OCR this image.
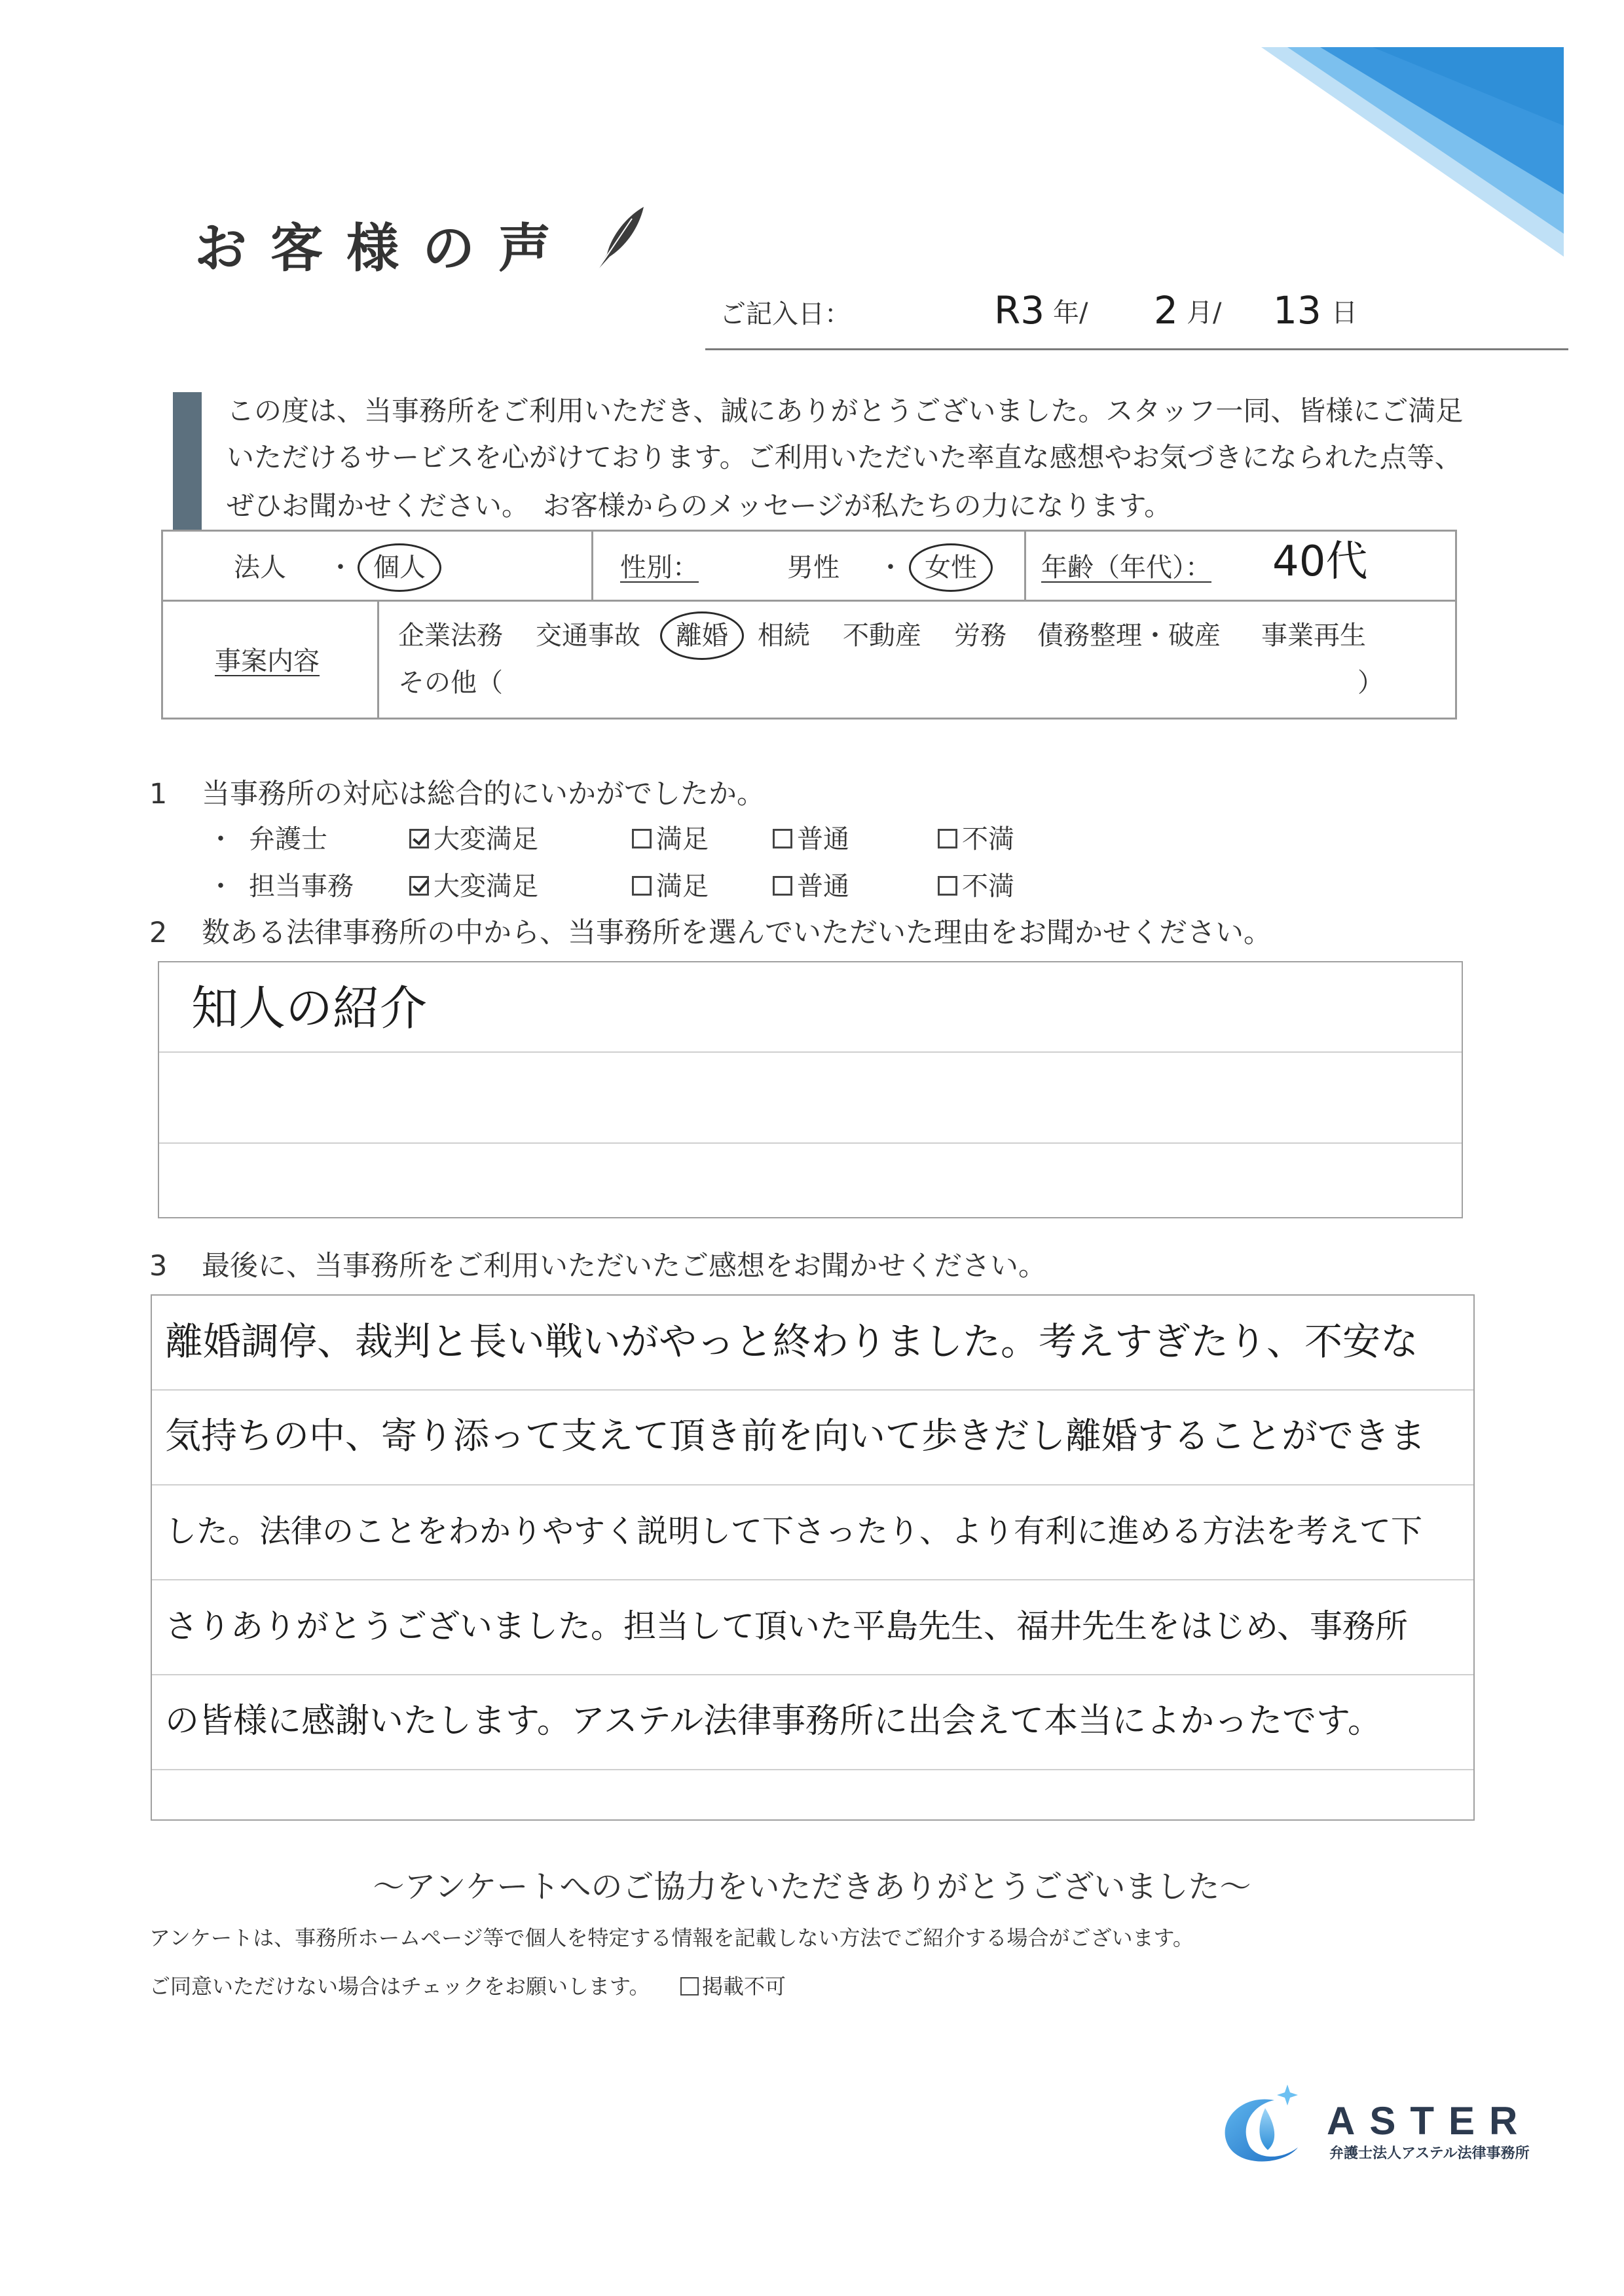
お客様の声
ご記入日：	R3 年/ 2 月/ 13 日
この度は、当事務所をご利用いただき、誠にありがとうございました。スタッフ一同、皆様にご満足
いただけるサービスを心がけております。ご利用いただいた率直な感想やお気づきになられた点等、
ぜひお聞かせください。　お客様からのメッセージが私たちの力になります。
法人 ・ 個人	性別：	男性 ・ 女性 年齢（年代）： 40代
事案内容
企業法務 交通事故 離婚 相続 不動産 労務 債務整理・破産 事業再生
その他（	）
1 当事務所の対応は総合的にいかがでしたか。
・ 弁護士	大変満足	満足	普通	不満
・ 担当事務	大変満足	満足	普通	不満
2 数ある法律事務所の中から、当事務所を選んでいただいた理由をお聞かせください。
知人の紹介
3 最後に、当事務所をご利用いただいたご感想をお聞かせください。
離婚調停、裁判と長い戦いがやっと終わりました。考えすぎたり、不安な
気持ちの中、寄り添って支えて頂き前を向いて歩きだし離婚することができま
した。法律のことをわかりやすく説明して下さったり、より有利に進める方法を考えて下
さりありがとうございました。担当して頂いた平島先生、福井先生をはじめ、事務所
の皆様に感謝いたします。アステル法律事務所に出会えて本当によかったです。
〜アンケートへのご協力をいただきありがとうございました〜
アンケートは、事務所ホームページ等で個人を特定する情報を記載しない方法でご紹介する場合がございます。
ご同意いただけない場合はチェックをお願いします。 掲載不可
ASTER
弁護士法人アステル法律事務所
